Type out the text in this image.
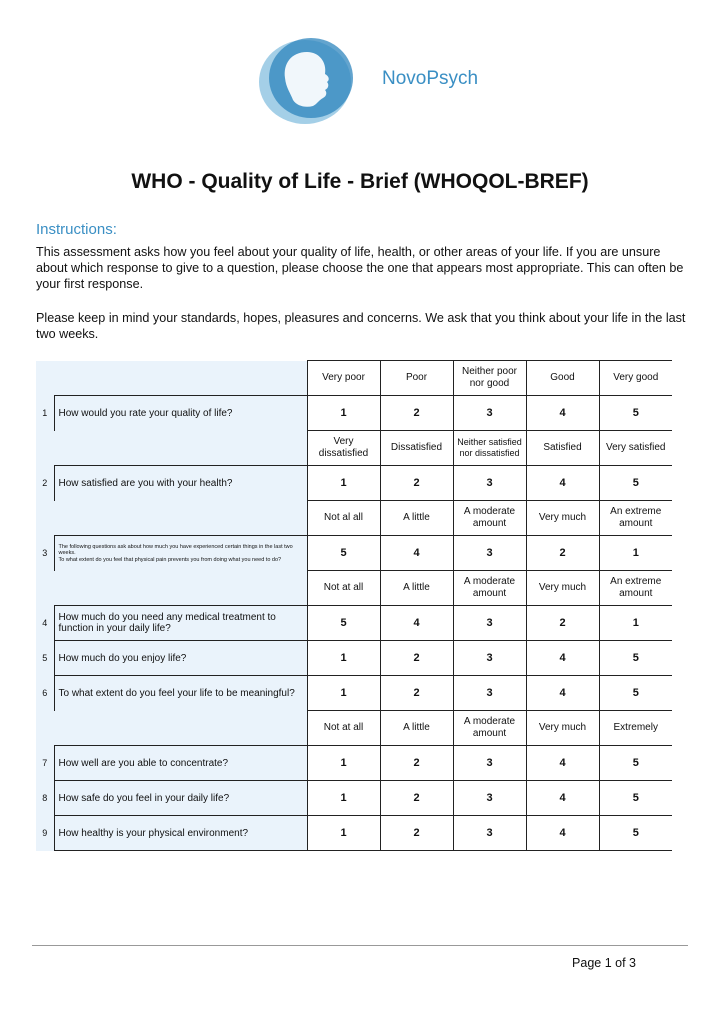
NovoPsych
WHO - Quality of Life - Brief (WHOQOL-BREF)
Instructions:
This assessment asks how you feel about your quality of life, health, or other areas of your life. If you are unsure about which response to give to a question, please choose the one that appears most appropriate. This can often be your first response.
Please keep in mind your standards, hopes, pleasures and concerns. We ask that you think about your life in the last two weeks.
		Very poor	Poor	Neither poor nor good	Good	Very good
1	How would you rate your quality of life?	1	2	3	4	5
		Very dissatisfied	Dissatisfied	Neither satisfied nor dissatisfied	Satisfied	Very satisfied
2	How satisfied are you with your health?	1	2	3	4	5
		Not al all	A little	A moderate amount	Very much	An extreme amount
3	The following questions ask about how much you have experienced certain things in the last two weeks.
To what extent do you feel that physical pain prevents you from doing what you need to do?	5	4	3	2	1
		Not at all	A little	A moderate amount	Very much	An extreme amount
4	How much do you need any medical treatment to function in your daily life?	5	4	3	2	1
5	How much do you enjoy life?	1	2	3	4	5
6	To what extent do you feel your life to be meaningful?	1	2	3	4	5
		Not at all	A little	A moderate amount	Very much	Extremely
7	How well are you able to concentrate?	1	2	3	4	5
8	How safe do you feel in your daily life?	1	2	3	4	5
9	How healthy is your physical environment?	1	2	3	4	5
Page 1 of 3
